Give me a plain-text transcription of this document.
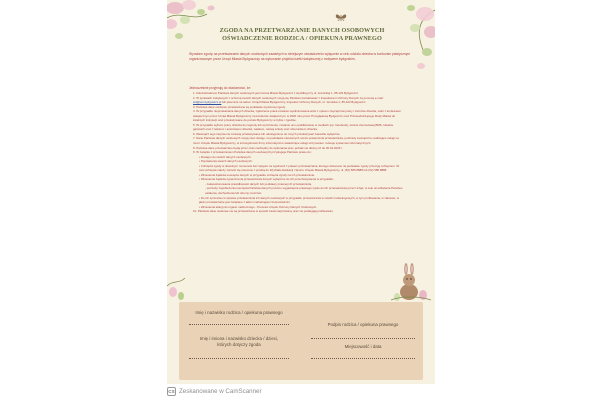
ZGODA NA PRZETWARZANIE DANYCH OSOBOWYCH
OŚWIADCZENIE RODZICA / OPIEKUNA PRAWNEGO
Wyrażam zgodę na przetwarzanie danych osobowych zawartych w niniejszym oświadczeniu wyłącznie w celu udziału dziecka w konkursie plastycznym organizowanym przez Urząd Miasta Bydgoszczy na wykonanie projektu kartki świątecznej z motywem bydgoskim.
Jednocześnie przyjmuję do wiadomości, że:
1. Administratorem Państwa danych osobowych jest Gmina Miasto Bydgoszcz z siedzibą przy ul. Jezuickiej 1, 85-102 Bydgoszcz.
2. W sprawach związanych z ochroną swoich danych osobowych mogą się Państwo kontaktować z Inspektorem Ochrony Danych za pomocą e-mail: iod@um.bydgoszcz.pl lub pisemnie na adres: Urząd Miasta Bydgoszczy, Inspektor Ochrony Danych, ul. Jezuicka 1, 85-102 Bydgoszcz.
3. Państwa dane osobowe przetwarzane są podstawie wyrażonej zgody.
4. W przypadku nieprzekazania danych dziecka, zgłoszenie praca zostanie wyeliminowana wraz z opisem zwycięzców pracy i zwrotnie dziecka, wraz z konkursem świątecznym przez Urząd Miasta Bydgoszczy na konkursie świątecznym w 2026 roku przez Przeglądową Bydgoszcz oraz Przewodniczącego Rady Miasta do lokalnych instytucji oraz przekazywane do portalu Bydgoszczy w trybie i zgodnie.
5. W przypadku wyboru pracy dziecka do nagrody lub wyróżnienia, zostanie ono opublikowane w mediach (np. facebook), stronie internetowej BMK, lokalnie gazetach oraz z tekstem i autorstwem dziecka, wiekiem, nazwą szkoły oraz wizerunkiem dziecka.
6. Wewnątrz tego stopnia nie zostaną przekazywane lub udostępnione do innych przekazywać zasadzie wyłącznie.
7. Dane Państwa danych osobowych mogą mieć dostęp, na podstawie stosownych umów powierzenia przetwarzania, podmioty zewnętrzne realizujące usługi na rzecz Urzędu Miasta Bydgoszczy, w szczególności firmy informatyczne świadczące usługi utrzymania i rozwoju systemów informatycznych.
8. Państwa dane przetwarzane będą przez czas niezbędny do wykonania prac, jednak nie dłużej niż do 30.04.2026 r.
9. W związku z przetwarzaniem Państwa danych osobowych przysługuje Państwu prawo do:
• Dostępu do swoich danych osobowych.
• Poprawienia swoich danych osobowych.
• Cofnięcia zgody w dowolnym momencie bez wpływu na zgodność z prawem przetwarzania, którego dokonano na podstawie zgody przed jej cofnięciem. W celu cofnięcia należy zwrócić się pisemnie z prośbą do Wydziału Edukacji i Sportu Urzędu Miasta Bydgoszczy, ul. (52) 585 8888 lub (52) 585 8888.
• Wniesienia żądania usunięcia danych w przypadku cofnięcia zgody na ich przetwarzanie.
• Wniesienia żądania ograniczenia przetwarzania danych wyłącznie do ich przechowywania w przypadku:
- zakwestionowania prawidłowości danych lub podstawy prawnej ich przetwarzania,
- potrzeby zapobieżenia usunięcia Państwa danych pomimo wygaśnięcia prawnego tytułu do ich przetwarzania przez Urząd, w celu umożliwienia Państwu ustalenia, dochodzenia lub obrony roszczeń.
• Do ich sprzeciwu w sprawie przetwarzania ich danych osobowych w przypadku przetwarzania w celach marketingowych, w tym profilowania, w zakresie, w jakim przetwarzanie jest związane z takim marketingiem bezpośrednim.
• Wniesienia skargi do organu nadzorczego - Prezesa Urzędu Ochrony Danych Osobowych.
10. Państwa dane osobowe nie są przetwarzane w sposób zautomatyzowany oraz nie podlegają profilowaniu.
Imię i nazwisko rodzica / opiekuna prawnego
Imię i imiona i nazwisko dziecka / dzieci,
których dotyczy zgoda
Podpis rodzica / opiekuna prawnego
Miejscowość i data
CS Zeskanowane w CamScanner
